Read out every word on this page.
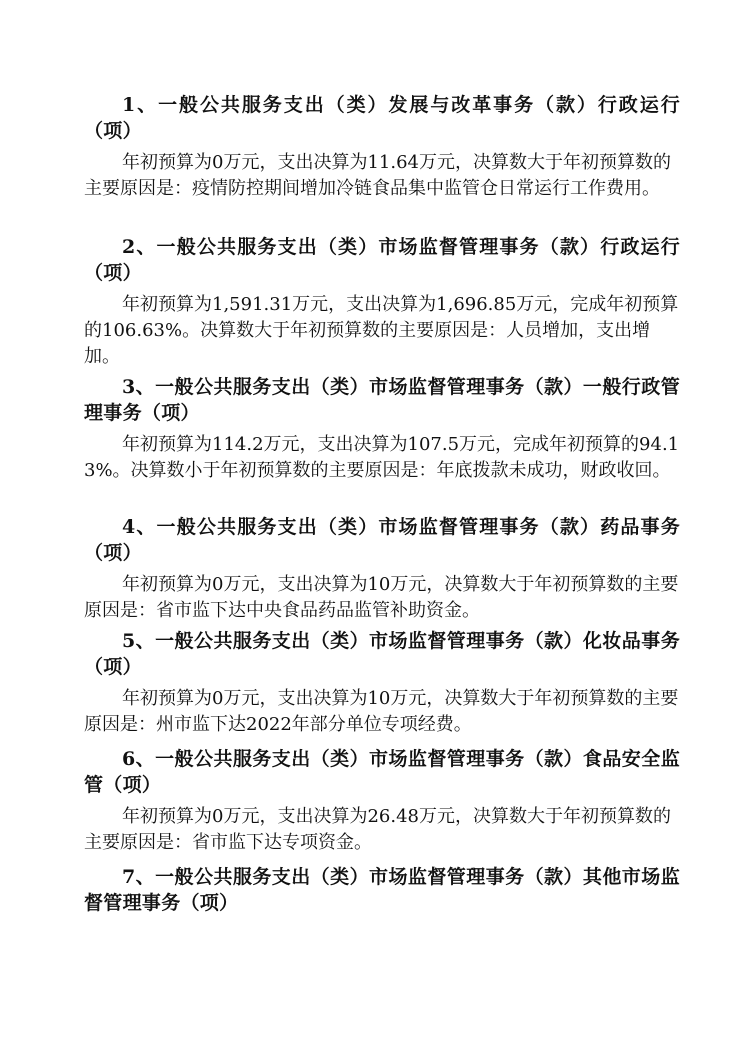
1、一般公共服务支出（类）发展与改革事务（款）行政运行（项）

年初预算为0万元，支出决算为11.64万元，决算数大于年初预算数的主要原因是：疫情防控期间增加冷链食品集中监管仓日常运行工作费用。

2、一般公共服务支出（类）市场监督管理事务（款）行政运行（项）

年初预算为1,591.31万元，支出决算为1,696.85万元，完成年初预算的106.63%。决算数大于年初预算数的主要原因是：人员增加，支出增加。

3、一般公共服务支出（类）市场监督管理事务（款）一般行政管理事务（项）

年初预算为114.2万元，支出决算为107.5万元，完成年初预算的94.13%。决算数小于年初预算数的主要原因是：年底拨款未成功，财政收回。

4、一般公共服务支出（类）市场监督管理事务（款）药品事务（项）

年初预算为0万元，支出决算为10万元，决算数大于年初预算数的主要原因是：省市监下达中央食品药品监管补助资金。

5、一般公共服务支出（类）市场监督管理事务（款）化妆品事务（项）

年初预算为0万元，支出决算为10万元，决算数大于年初预算数的主要原因是：州市监下达2022年部分单位专项经费。

6、一般公共服务支出（类）市场监督管理事务（款）食品安全监管（项）

年初预算为0万元，支出决算为26.48万元，决算数大于年初预算数的主要原因是：省市监下达专项资金。

7、一般公共服务支出（类）市场监督管理事务（款）其他市场监督管理事务（项）
